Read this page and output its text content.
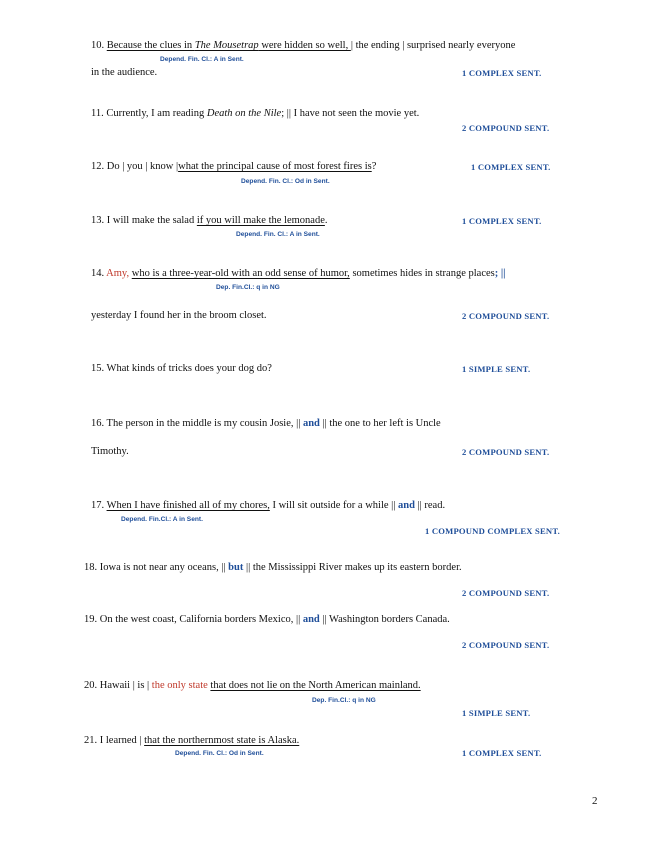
10. Because the clues in The Mousetrap were hidden so well, | the ending | surprised nearly everyone
Depend. Fin. Cl.: A in Sent.
in the audience.	1 COMPLEX SENT.
11. Currently, I am reading Death on the Nile; || I have not seen the movie yet.
2 COMPOUND SENT.
12. Do | you | know |what the principal cause of most forest fires is?	1 COMPLEX SENT.
Depend. Fin. Cl.: Od in Sent.
13. I will make the salad if you will make the lemonade.	1 COMPLEX SENT.
Depend. Fin. Cl.: A in Sent.
14. Amy, who is a three-year-old with an odd sense of humor, sometimes hides in strange places; ||
Dep. Fin.Cl.: q in NG
yesterday I found her in the broom closet.	2 COMPOUND SENT.
15. What kinds of tricks does your dog do?	1 SIMPLE SENT.
16. The person in the middle is my cousin Josie, || and || the one to her left is Uncle
Timothy.	2 COMPOUND SENT.
17. When I have finished all of my chores, I will sit outside for a while || and || read.
Depend. Fin.Cl.: A in Sent.
1 COMPOUND COMPLEX SENT.
18. Iowa is not near any oceans, || but || the Mississippi River makes up its eastern border.
2 COMPOUND SENT.
19. On the west coast, California borders Mexico, || and || Washington borders Canada.
2 COMPOUND SENT.
20. Hawaii | is | the only state that does not lie on the North American mainland.
Dep. Fin.Cl.: q in NG
1 SIMPLE SENT.
21. I learned | that the northernmost state is Alaska.
Depend. Fin. Cl.: Od in Sent.	1 COMPLEX SENT.
2
